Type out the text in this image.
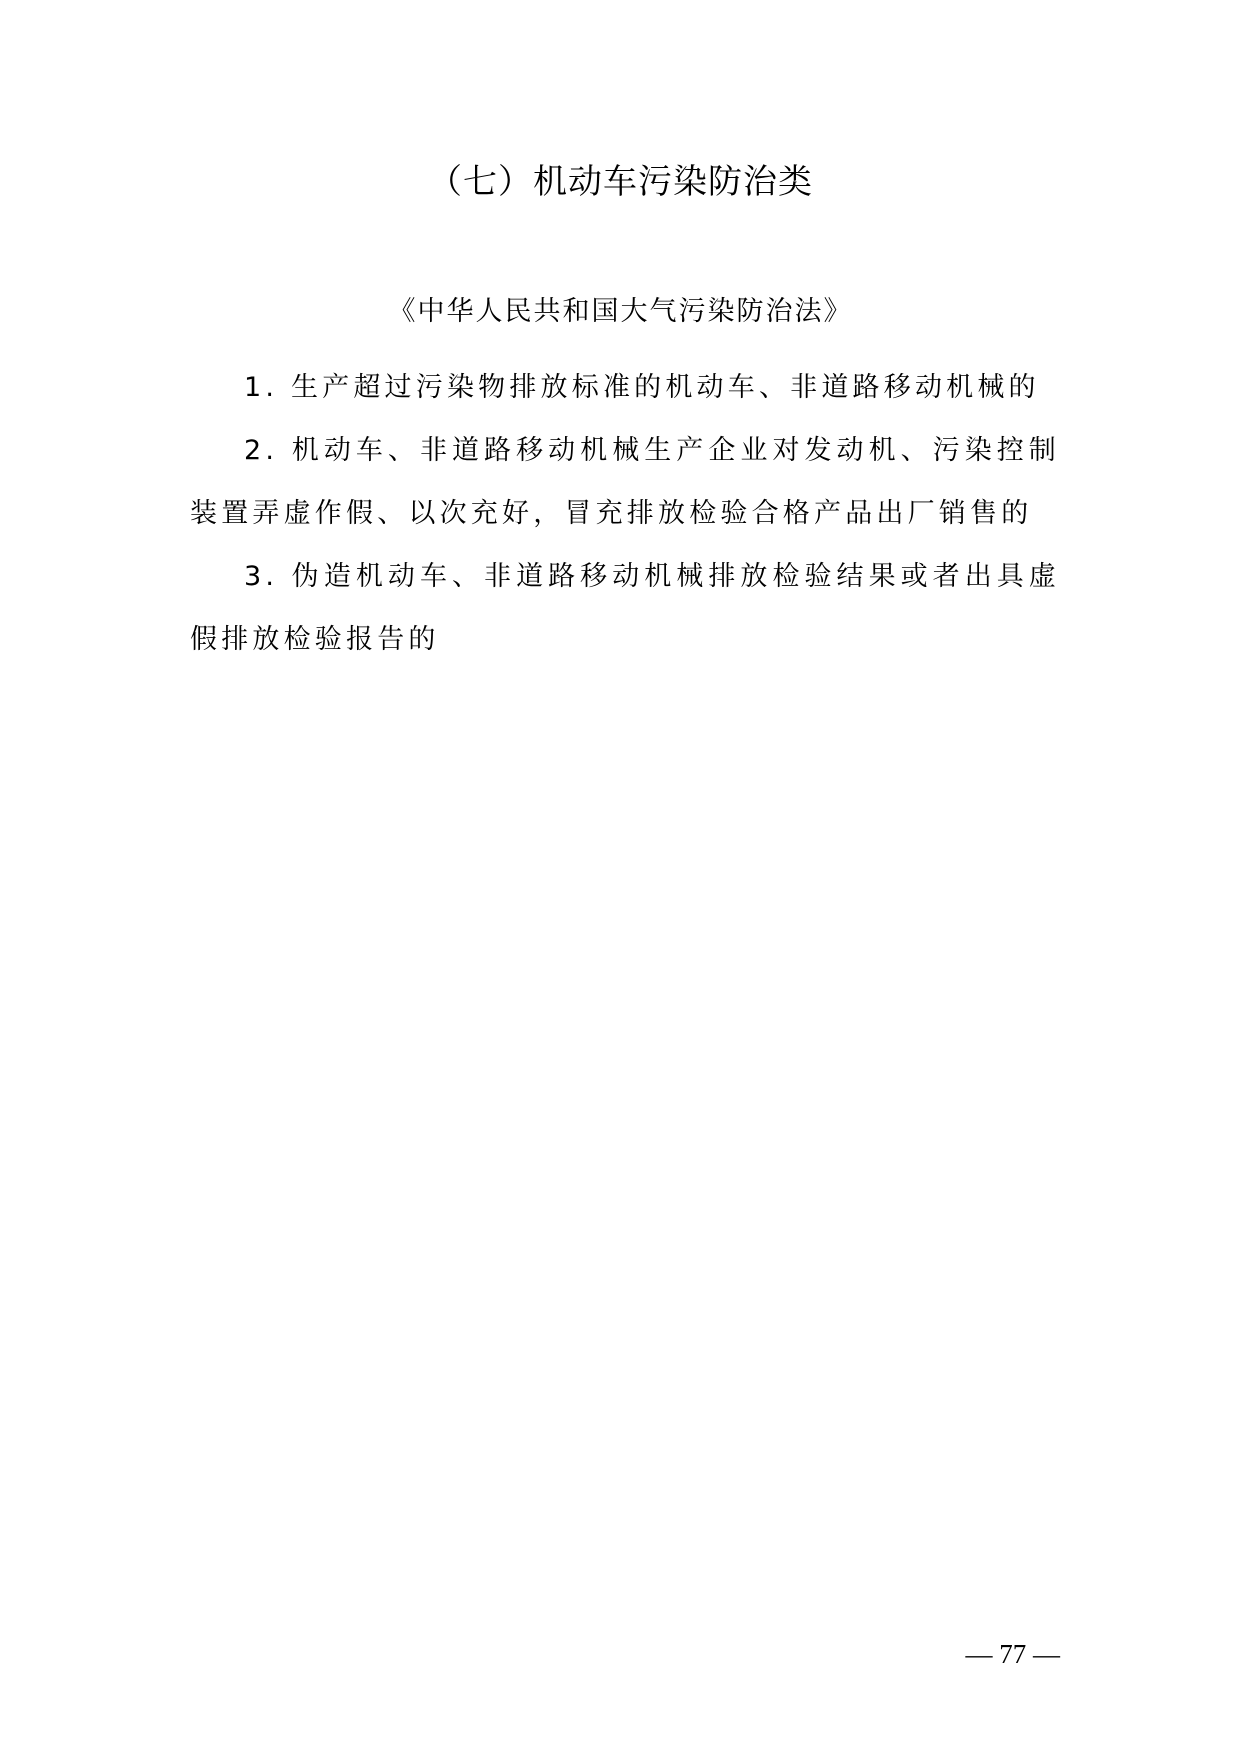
（七）机动车污染防治类
《中华人民共和国大气污染防治法》

1. 生产超过污染物排放标准的机动车、非道路移动机械的

2. 机动车、非道路移动机械生产企业对发动机、污染控制装置弄虚作假、以次充好，冒充排放检验合格产品出厂销售的

3. 伪造机动车、非道路移动机械排放检验结果或者出具虚假排放检验报告的

— 77 —
